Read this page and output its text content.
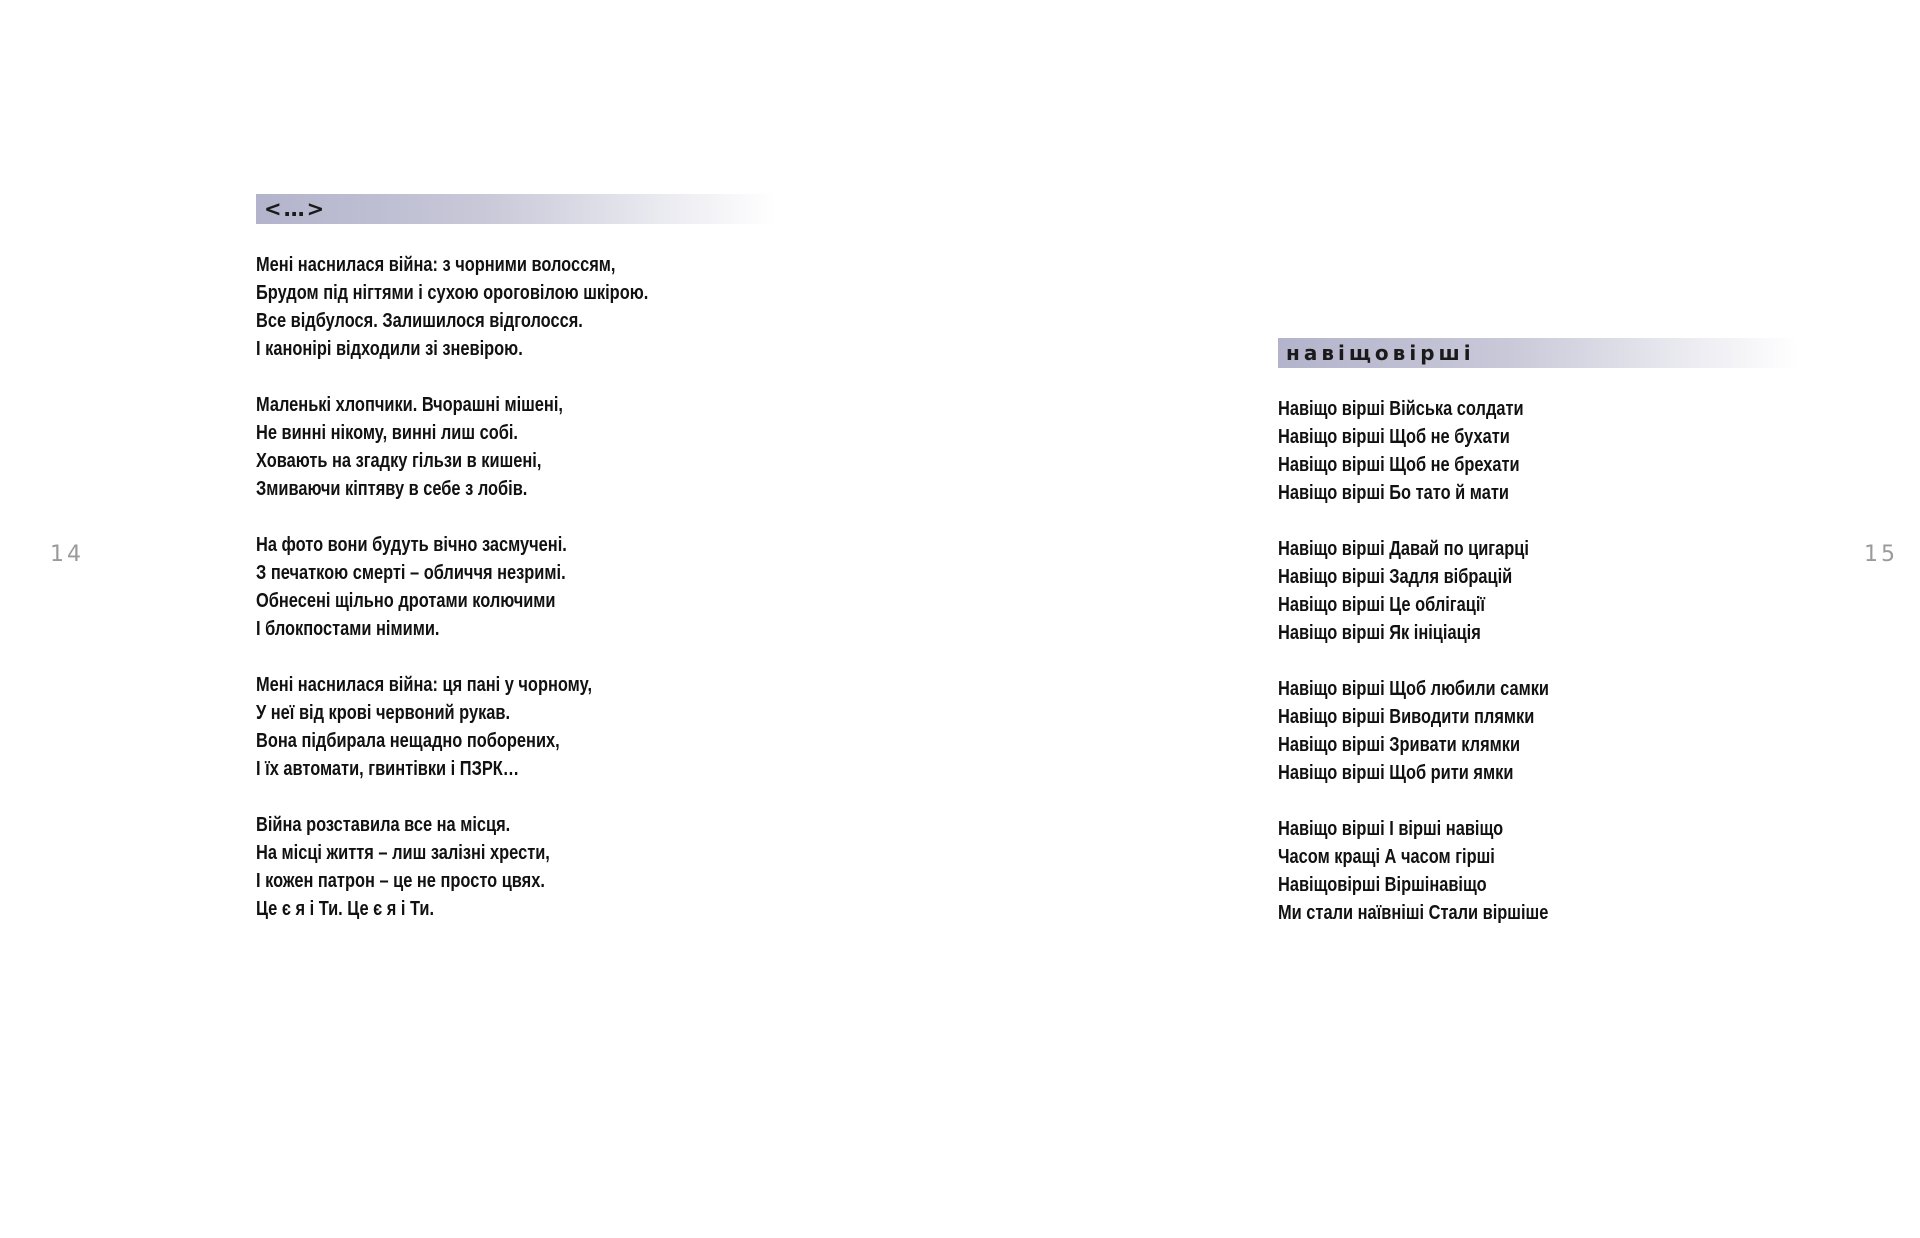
14
<…>
Мені наснилася війна: з чорними волоссям,
Брудом під нігтями і сухою ороговілою шкірою.
Все відбулося. Залишилося відголосся.
І канонірі відходили зі зневірою.
Маленькі хлопчики. Вчорашні мішені,
Не винні нікому, винні лиш собі.
Ховають на згадку гільзи в кишені,
Змиваючи кіптяву в себе з лобів.
На фото вони будуть вічно засмучені.
З печаткою смерті – обличчя незримі.
Обнесені щільно дротами колючими
І блокпостами німими.
Мені наснилася війна: ця пані у чорному,
У неї від крові червоний рукав.
Вона підбирала нещадно поборених,
І їх автомати, гвинтівки і ПЗРК…
Війна розставила все на місця.
На місці життя – лиш залізні хрести,
І кожен патрон – це не просто цвях.
Це є я і Ти. Це є я і Ти.
навіщовірші
Навіщо вірші Війська солдати
Навіщо вірші Щоб не бухати
Навіщо вірші Щоб не брехати
Навіщо вірші Бо тато й мати
Навіщо вірші Давай по цигарці
Навіщо вірші Задля вібрацій
Навіщо вірші Це облігації
Навіщо вірші Як ініціація
Навіщо вірші Щоб любили самки
Навіщо вірші Виводити плямки
Навіщо вірші Зривати клямки
Навіщо вірші Щоб рити ямки
Навіщо вірші І вірші навіщо
Часом кращі А часом гірші
Навіщовірші Віршінавіщо
Ми стали наївніші Стали віршіше
15
